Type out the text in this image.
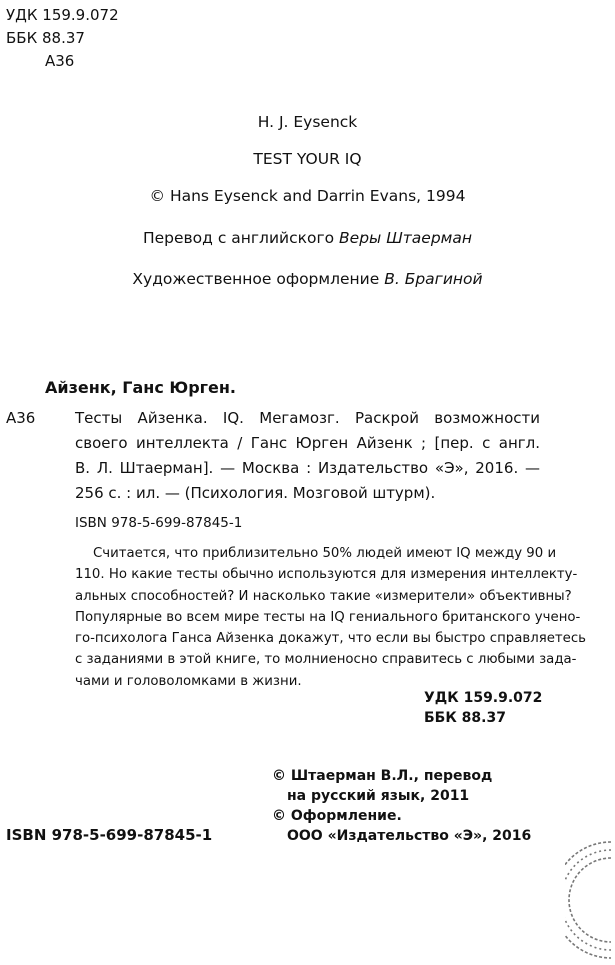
УДК 159.9.072
ББК 88.37
А36
H. J. Eysenck
TEST YOUR IQ
© Hans Eysenck and Darrin Evans, 1994
Перевод с английского Веры Штаерман
Художественное оформление В. Брагиной
Айзенк, Ганс Юрген.
А36	Тесты Айзенка. IQ. Мегамозг. Раскрой возможности
своего интеллекта / Ганс Юрген Айзенк ; [пер. с англ.
В. Л. Штаерман]. — Москва : Издательство «Э», 2016. —
256 с. : ил. — (Психология. Мозговой штурм).
ISBN 978-5-699-87845-1
Считается, что приблизительно 50% людей имеют IQ между 90 и
110. Но какие тесты обычно используются для измерения интеллекту-
альных способностей? И насколько такие «измерители» объективны?
Популярные во всем мире тесты на IQ гениального британского учено-
го-психолога Ганса Айзенка докажут, что если вы быстро справляетесь
с заданиями в этой книге, то молниеносно справитесь с любыми зада-
чами и головоломками в жизни.
УДК 159.9.072
ББК 88.37
© Штаерман В.Л., перевод
на русский язык, 2011
© Оформление.
ООО «Издательство «Э», 2016
ISBN 978-5-699-87845-1
